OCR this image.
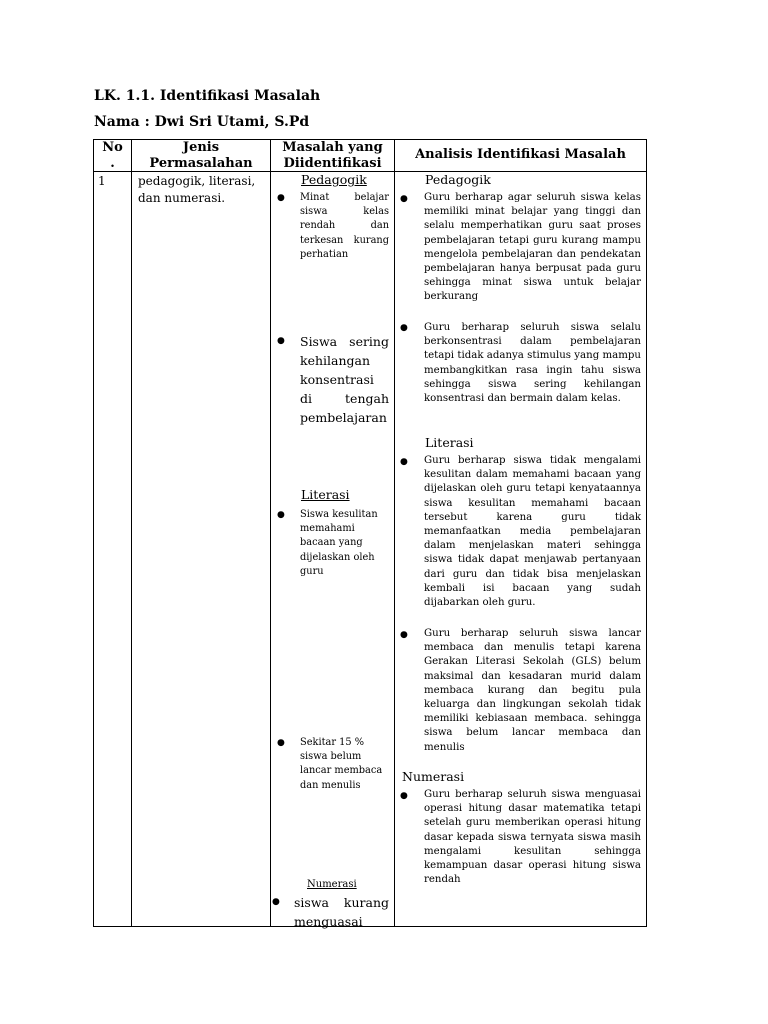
LK. 1.1. Identifikasi Masalah
Nama : Dwi Sri Utami, S.Pd
No
.
Jenis
Permasalahan
Masalah yang
Diidentifikasi
Analisis Identifikasi Masalah
1	pedagogik, literasi, dan numerasi.
Pedagogik
● Minat belajar siswa kelas rendah dan terkesan kurang perhatian
● Siswa sering kehilangan konsentrasi di tengah pembelajaran
Literasi
● Siswa kesulitan memahami bacaan yang dijelaskan oleh guru
● Sekitar 15 % siswa belum lancar membaca dan menulis
Numerasi
● siswa kurang menguasai
Pedagogik
● Guru berharap agar seluruh siswa kelas memiliki minat belajar yang tinggi dan selalu memperhatikan guru saat proses pembelajaran tetapi guru kurang mampu mengelola pembelajaran dan pendekatan pembelajaran hanya berpusat pada guru sehingga minat siswa untuk belajar berkurang
● Guru berharap seluruh siswa selalu berkonsentrasi dalam pembelajaran tetapi tidak adanya stimulus yang mampu membangkitkan rasa ingin tahu siswa sehingga siswa sering kehilangan konsentrasi dan bermain dalam kelas.
Literasi
● Guru berharap siswa tidak mengalami kesulitan dalam memahami bacaan yang dijelaskan oleh guru tetapi kenyataannya siswa kesulitan memahami bacaan tersebut karena guru tidak memanfaatkan media pembelajaran dalam menjelaskan materi sehingga siswa tidak dapat menjawab pertanyaan dari guru dan tidak bisa menjelaskan kembali isi bacaan yang sudah dijabarkan oleh guru.
● Guru berharap seluruh siswa lancar membaca dan menulis tetapi karena Gerakan Literasi Sekolah (GLS) belum maksimal dan kesadaran murid dalam membaca kurang dan begitu pula keluarga dan lingkungan sekolah tidak memiliki kebiasaan membaca. sehingga siswa belum lancar membaca dan menulis
Numerasi
● Guru berharap seluruh siswa menguasai operasi hitung dasar matematika tetapi setelah guru memberikan operasi hitung dasar kepada siswa ternyata siswa masih mengalami kesulitan sehingga kemampuan dasar operasi hitung siswa rendah
